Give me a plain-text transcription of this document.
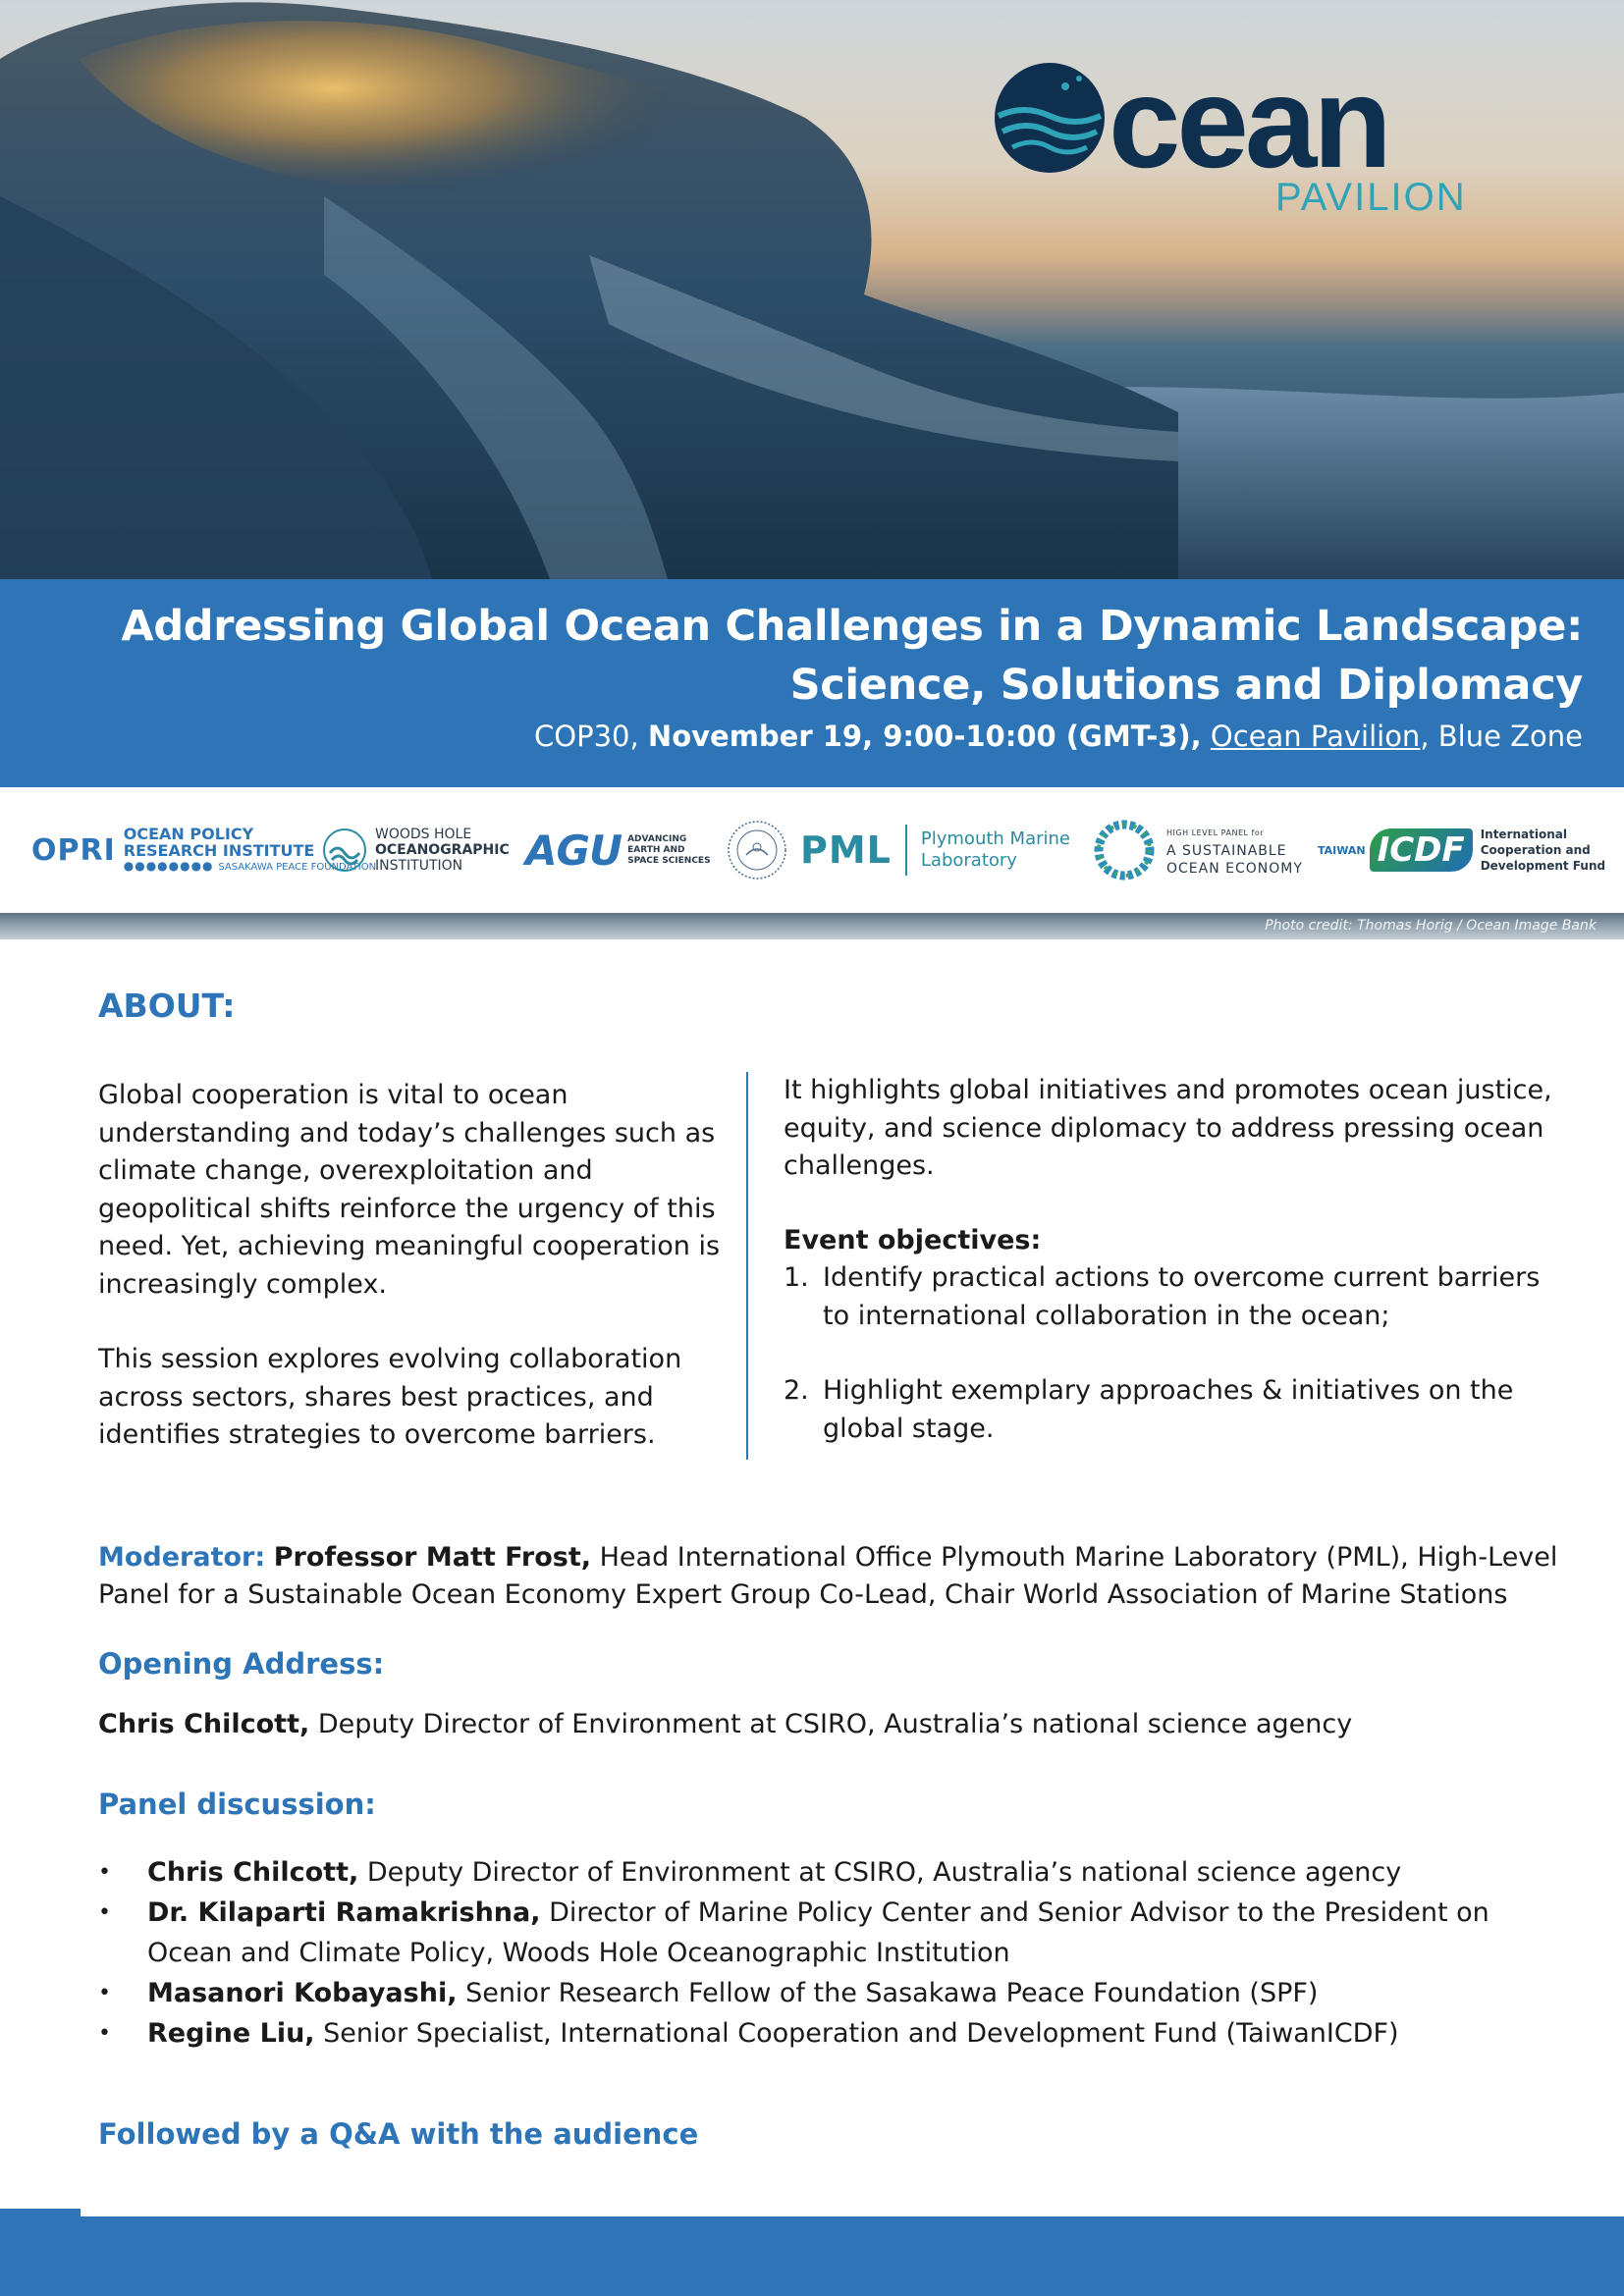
cean
PAVILION
Addressing Global Ocean Challenges in a Dynamic Landscape:
Science, Solutions and Diplomacy
COP30, November 19, 9:00-10:00 (GMT-3), Ocean Pavilion, Blue Zone
OPRI OCEAN POLICY
RESEARCH INSTITUTE
●●●●●●●● SASAKAWA PEACE FOUNDATION
WOODS HOLE
OCEANOGRAPHIC
INSTITUTION	AGU ADVANCING
EARTH AND
SPACE SCIENCES PML Plymouth Marine
Laboratory
HIGH LEVEL PANEL for
A SUSTAINABLE
OCEAN ECONOMY
TAIWAN ICDF	International Cooperation and
Development Fund
Photo credit: Thomas Horig / Ocean Image Bank
ABOUT:

Global cooperation is vital to ocean understanding and today’s challenges such as climate change, overexploitation and geopolitical shifts reinforce the urgency of this need. Yet, achieving meaningful cooperation is increasingly complex.

This session explores evolving collaboration across sectors, shares best practices, and identifies strategies to overcome barriers.

It highlights global initiatives and promotes ocean justice, equity, and science diplomacy to address pressing ocean challenges.

Event objectives:

1. Identify practical actions to overcome current barriers to international collaboration in the ocean;
2. Highlight exemplary approaches & initiatives on the global stage.
Moderator: Professor Matt Frost, Head International Office Plymouth Marine Laboratory (PML), High-Level Panel for a Sustainable Ocean Economy Expert Group Co-Lead, Chair World Association of Marine Stations
Opening Address:
Chris Chilcott, Deputy Director of Environment at CSIRO, Australia’s national science agency
Panel discussion:
•	Chris Chilcott, Deputy Director of Environment at CSIRO, Australia’s national science agency
•	Dr. Kilaparti Ramakrishna, Director of Marine Policy Center and Senior Advisor to the President on Ocean and Climate Policy, Woods Hole Oceanographic Institution
•	Masanori Kobayashi, Senior Research Fellow of the Sasakawa Peace Foundation (SPF)
•	Regine Liu, Senior Specialist, International Cooperation and Development Fund (TaiwanICDF)
Followed by a Q&A with the audience
